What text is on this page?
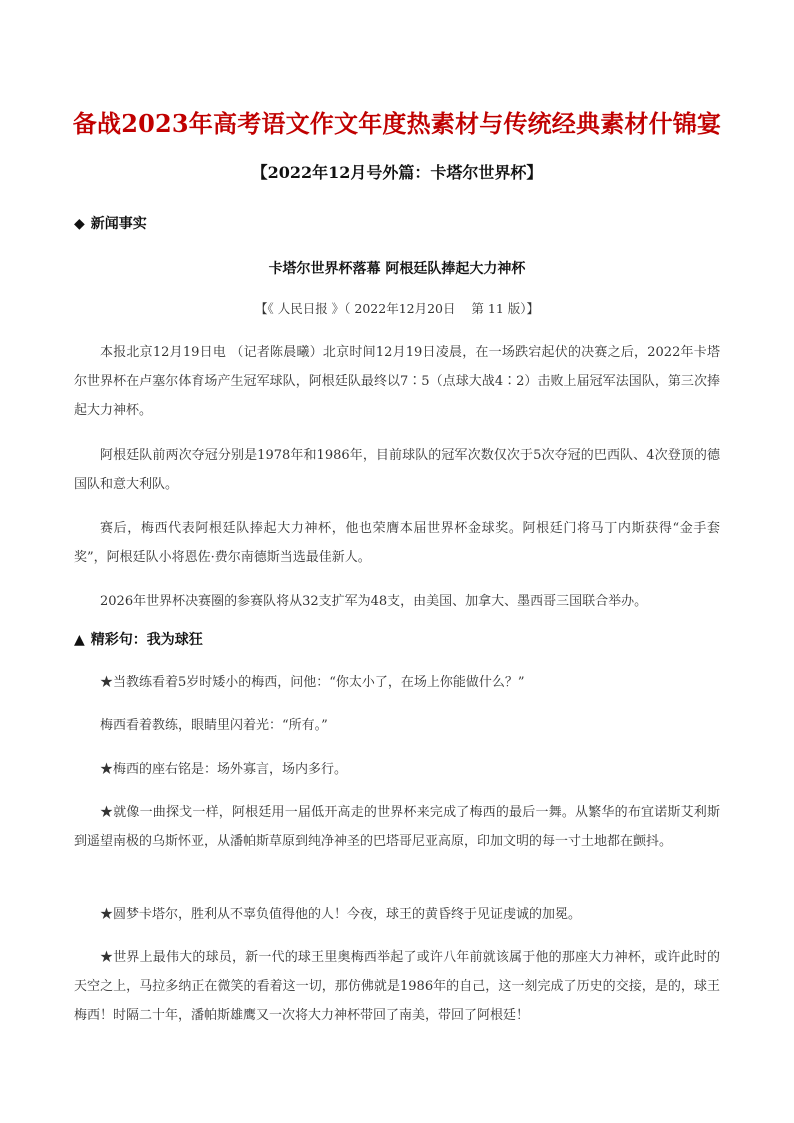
备战2023年高考语文作文年度热素材与传统经典素材什锦宴
【2022年12月号外篇：卡塔尔世界杯】
◆ 新闻事实
卡塔尔世界杯落幕 阿根廷队捧起大力神杯
【《 人民日报 》（ 2022年12月20日    第 11 版）】

本报北京12月19日电 （记者陈晨曦）北京时间12月19日凌晨，在一场跌宕起伏的决赛之后，2022年卡塔尔世界杯在卢塞尔体育场产生冠军球队，阿根廷队最终以7∶5（点球大战4∶2）击败上届冠军法国队，第三次捧起大力神杯。

阿根廷队前两次夺冠分别是1978年和1986年，目前球队的冠军次数仅次于5次夺冠的巴西队、4次登顶的德国队和意大利队。

赛后，梅西代表阿根廷队捧起大力神杯，他也荣膺本届世界杯金球奖。阿根廷门将马丁内斯获得“金手套奖”，阿根廷队小将恩佐·费尔南德斯当选最佳新人。

2026年世界杯决赛圈的参赛队将从32支扩军为48支，由美国、加拿大、墨西哥三国联合举办。

▲ 精彩句：我为球狂

★当教练看着5岁时矮小的梅西，问他：“你太小了，在场上你能做什么？”

梅西看着教练，眼睛里闪着光：“所有。”

★梅西的座右铭是：场外寡言，场内多行。

★就像一曲探戈一样，阿根廷用一届低开高走的世界杯来完成了梅西的最后一舞。从繁华的布宜诺斯艾利斯到遥望南极的乌斯怀亚，从潘帕斯草原到纯净神圣的巴塔哥尼亚高原，印加文明的每一寸土地都在颤抖。

★圆梦卡塔尔，胜利从不辜负值得他的人！今夜，球王的黄昏终于见证虔诚的加冕。

★世界上最伟大的球员，新一代的球王里奥梅西举起了或许八年前就该属于他的那座大力神杯，或许此时的天空之上，马拉多纳正在微笑的看着这一切，那仿佛就是1986年的自己，这一刻完成了历史的交接，是的，球王梅西！时隔二十年，潘帕斯雄鹰又一次将大力神杯带回了南美，带回了阿根廷！
